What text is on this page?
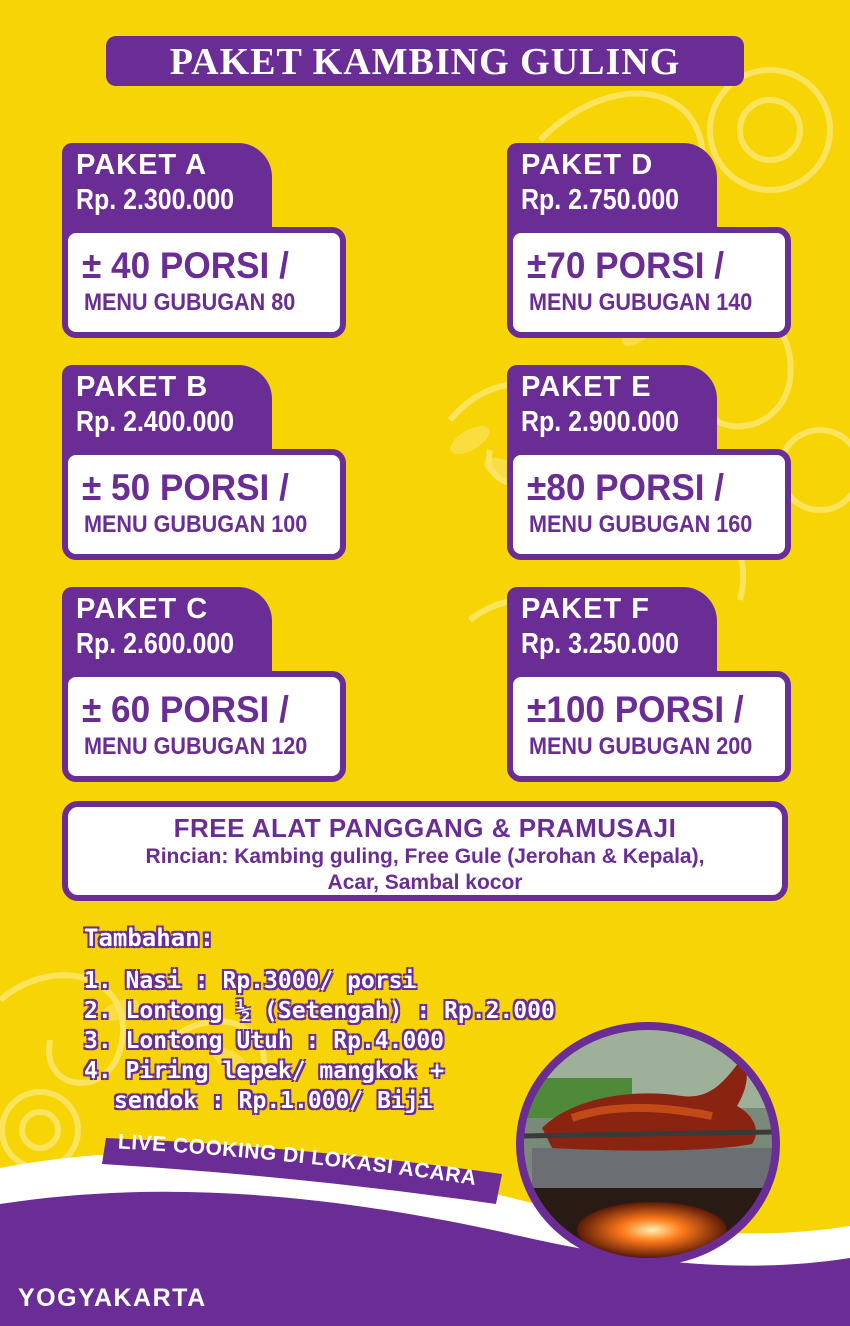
PAKET KAMBING GULING
PAKET A
Rp. 2.300.000
± 40 PORSI /
MENU GUBUGAN 80
PAKET B
Rp. 2.400.000
± 50 PORSI /
MENU GUBUGAN 100
PAKET C
Rp. 2.600.000
± 60 PORSI /
MENU GUBUGAN 120
PAKET D
Rp. 2.750.000
±70 PORSI /
MENU GUBUGAN 140
PAKET E
Rp. 2.900.000
±80 PORSI /
MENU GUBUGAN 160
PAKET F
Rp. 3.250.000
±100 PORSI /
MENU GUBUGAN 200
FREE ALAT PANGGANG & PRAMUSAJI
Rincian: Kambing guling, Free Gule (Jerohan & Kepala),
Acar, Sambal kocor
Tambahan:
1. Nasi : Rp.3000/ porsi
2. Lontong ½ (Setengah) : Rp.2.000
3. Lontong Utuh : Rp.4.000
4. Piring lepek/ mangkok +
sendok : Rp.1.000/ Biji
LIVE COOKING DI LOKASI ACARA
YOGYAKARTA
